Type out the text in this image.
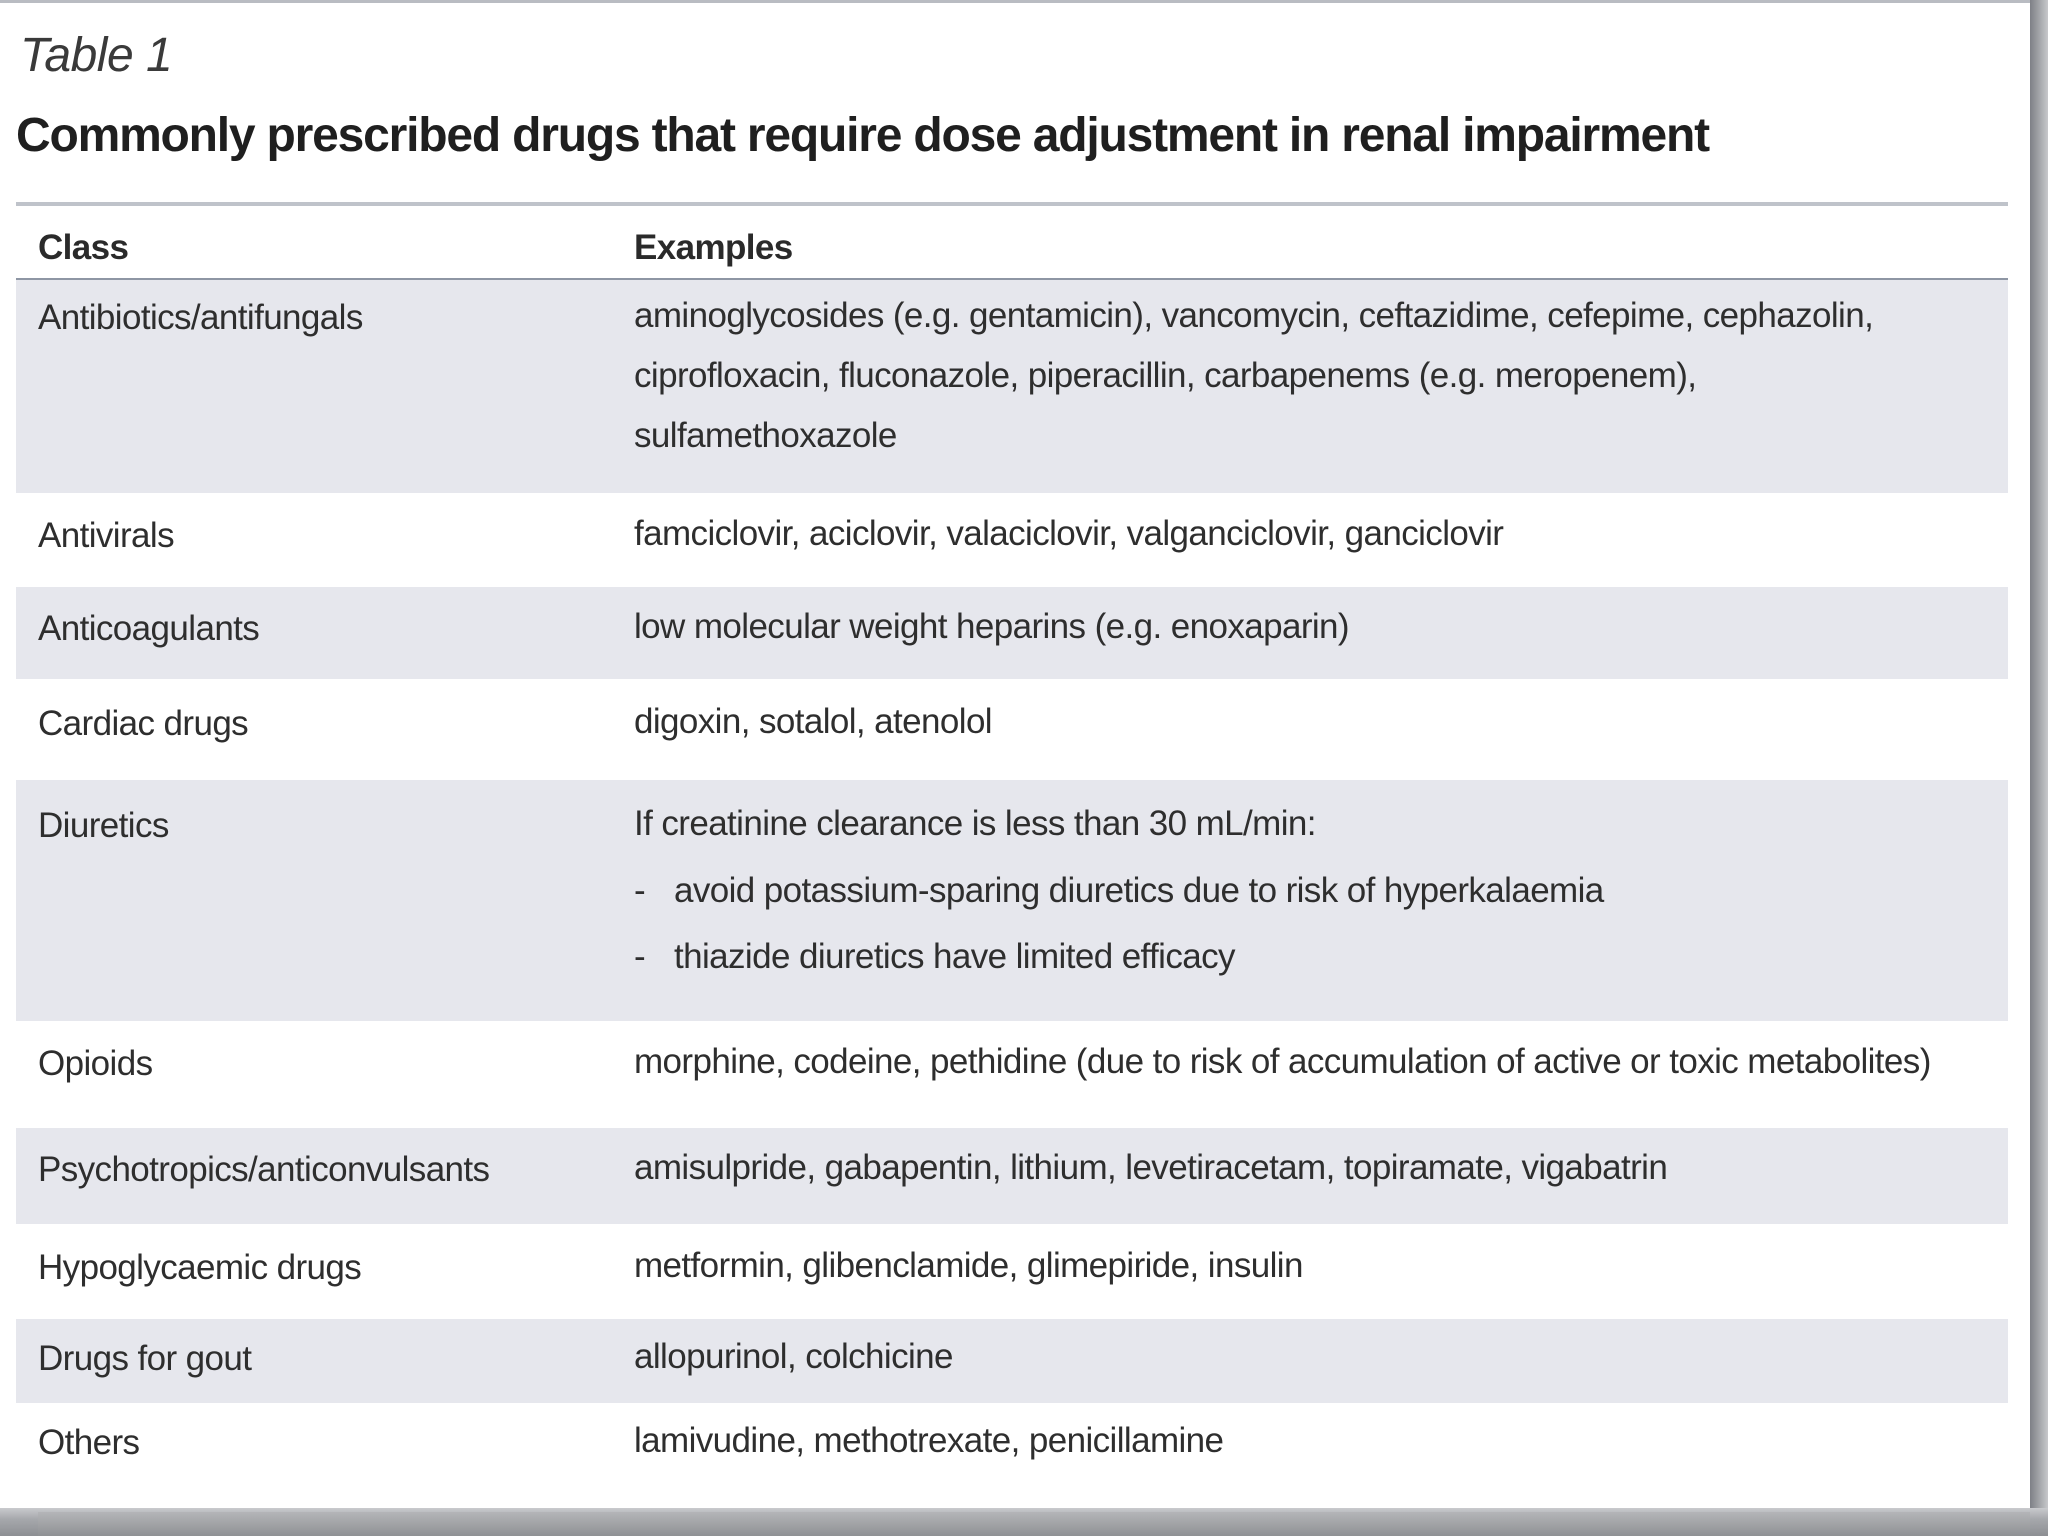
Table 1
Commonly prescribed drugs that require dose adjustment in renal impairment
Class	Examples
Antibiotics/antifungals	aminoglycosides (e.g. gentamicin), vancomycin, ceftazidime, cefepime, cephazolin,
ciprofloxacin, fluconazole, piperacillin, carbapenems (e.g. meropenem),
sulfamethoxazole
Antivirals	famciclovir, aciclovir, valaciclovir, valganciclovir, ganciclovir
Anticoagulants	low molecular weight heparins (e.g. enoxaparin)
Cardiac drugs	digoxin, sotalol, atenolol
Diuretics	If creatinine clearance is less than 30 mL/min:
- avoid potassium-sparing diuretics due to risk of hyperkalaemia
- thiazide diuretics have limited efficacy
Opioids	morphine, codeine, pethidine (due to risk of accumulation of active or toxic metabolites)
Psychotropics/anticonvulsants	amisulpride, gabapentin, lithium, levetiracetam, topiramate, vigabatrin
Hypoglycaemic drugs	metformin, glibenclamide, glimepiride, insulin
Drugs for gout	allopurinol, colchicine
Others	lamivudine, methotrexate, penicillamine
